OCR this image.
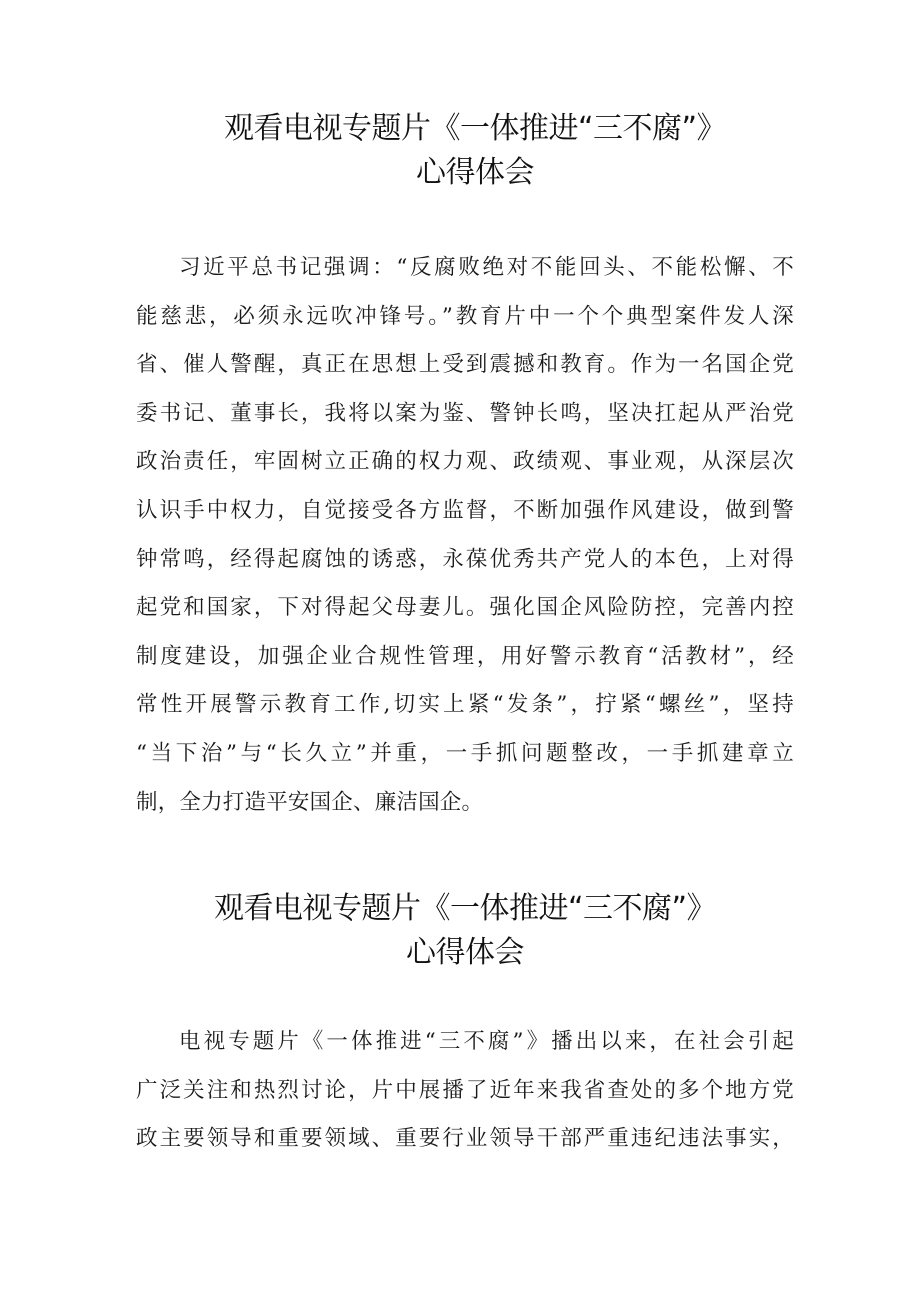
观看电视专题片《一体推进“三不腐”》
心得体会

习近平总书记强调：“反腐败绝对不能回头、不能松懈、不
能慈悲，必须永远吹冲锋号。”教育片中一个个典型案件发人深
省、催人警醒，真正在思想上受到震撼和教育。作为一名国企党
委书记、董事长，我将以案为鉴、警钟长鸣，坚决扛起从严治党
政治责任，牢固树立正确的权力观、政绩观、事业观，从深层次
认识手中权力，自觉接受各方监督，不断加强作风建设，做到警
钟常鸣，经得起腐蚀的诱惑，永葆优秀共产党人的本色，上对得
起党和国家，下对得起父母妻儿。强化国企风险防控，完善内控
制度建设，加强企业合规性管理，用好警示教育“活教材”，经
常性开展警示教育工作,切实上紧“发条”，拧紧“螺丝”，坚持
“当下治”与“长久立”并重，一手抓问题整改，一手抓建章立
制，全力打造平安国企、廉洁国企。

观看电视专题片《一体推进“三不腐”》
心得体会

电视专题片《一体推进“三不腐”》播出以来，在社会引起
广泛关注和热烈讨论，片中展播了近年来我省查处的多个地方党
政主要领导和重要领域、重要行业领导干部严重违纪违法事实，
